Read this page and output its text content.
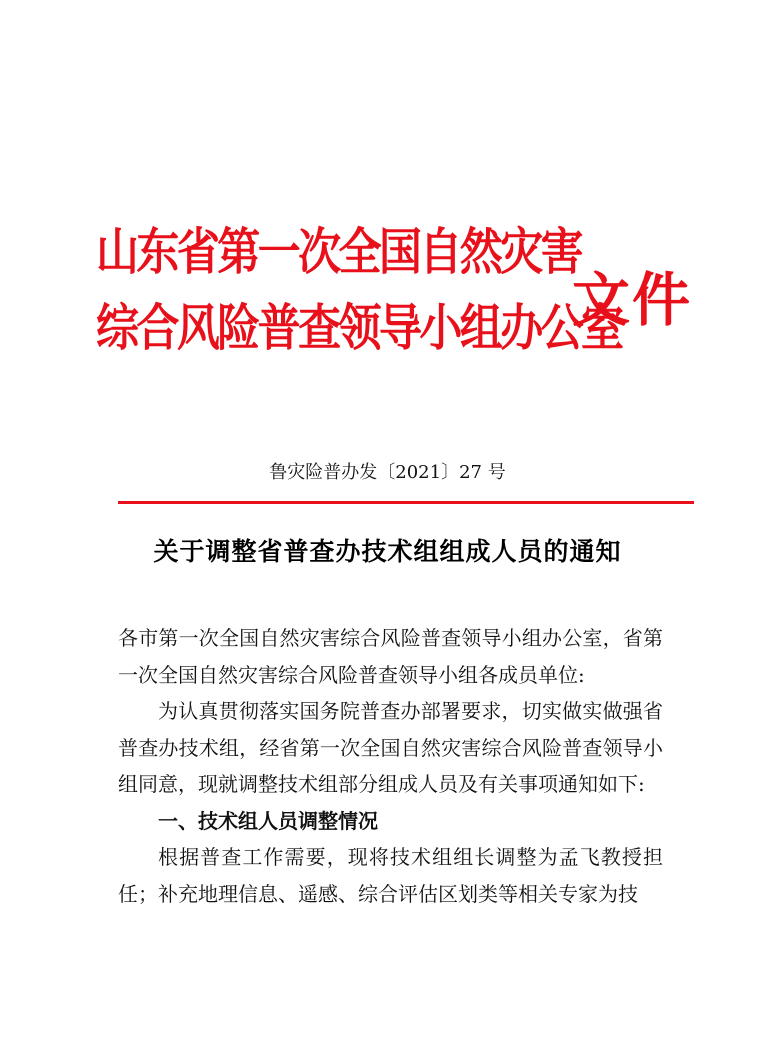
山东省第一次全国自然灾害
综合风险普查领导小组办公室
文件
鲁灾险普办发〔2021〕27 号
关于调整省普查办技术组组成人员的通知

各市第一次全国自然灾害综合风险普查领导小组办公室，省第一次全国自然灾害综合风险普查领导小组各成员单位:

为认真贯彻落实国务院普查办部署要求，切实做实做强省普查办技术组，经省第一次全国自然灾害综合风险普查领导小组同意，现就调整技术组部分组成人员及有关事项通知如下:

一、技术组人员调整情况

根据普查工作需要，现将技术组组长调整为孟飞教授担任；补充地理信息、遥感、综合评估区划类等相关专家为技
